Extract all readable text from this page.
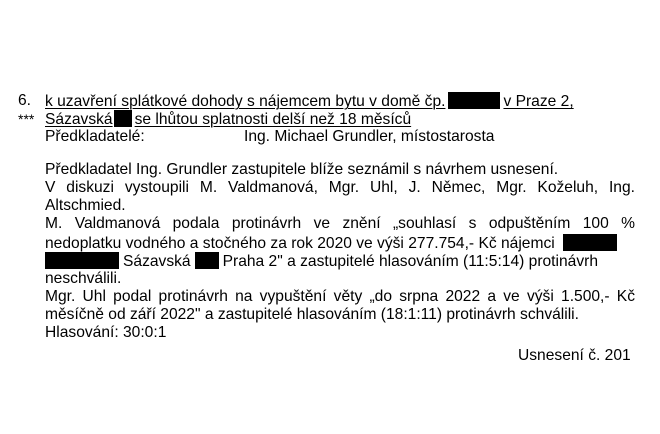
6. k uzavření splátkové dohody s nájemcem bytu v domě čp.	v Praze 2,
*** Sázavská se lhůtou splatnosti delší než 18 měsíců
Předkladatelé:	Ing. Michael Grundler, místostarosta
Předkladatel Ing. Grundler zastupitele blíže seznámil s návrhem usnesení.
V diskuzi vystoupili M. Valdmanová, Mgr. Uhl, J. Němec, Mgr. Koželuh, Ing.
Altschmied.
M. Valdmanová podala protinávrh ve znění „souhlasí s odpuštěním 100 %
nedoplatku vodného a stočného za rok 2020 ve výši 277.754,- Kč nájemci
Sázavská Praha 2" a zastupitelé hlasováním (11:5:14) protinávrh
neschválili.
Mgr. Uhl podal protinávrh na vypuštění věty „do srpna 2022 a ve výši 1.500,- Kč
měsíčně od září 2022" a zastupitelé hlasováním (18:1:11) protinávrh schválili.
Hlasování: 30:0:1
Usnesení č. 201
